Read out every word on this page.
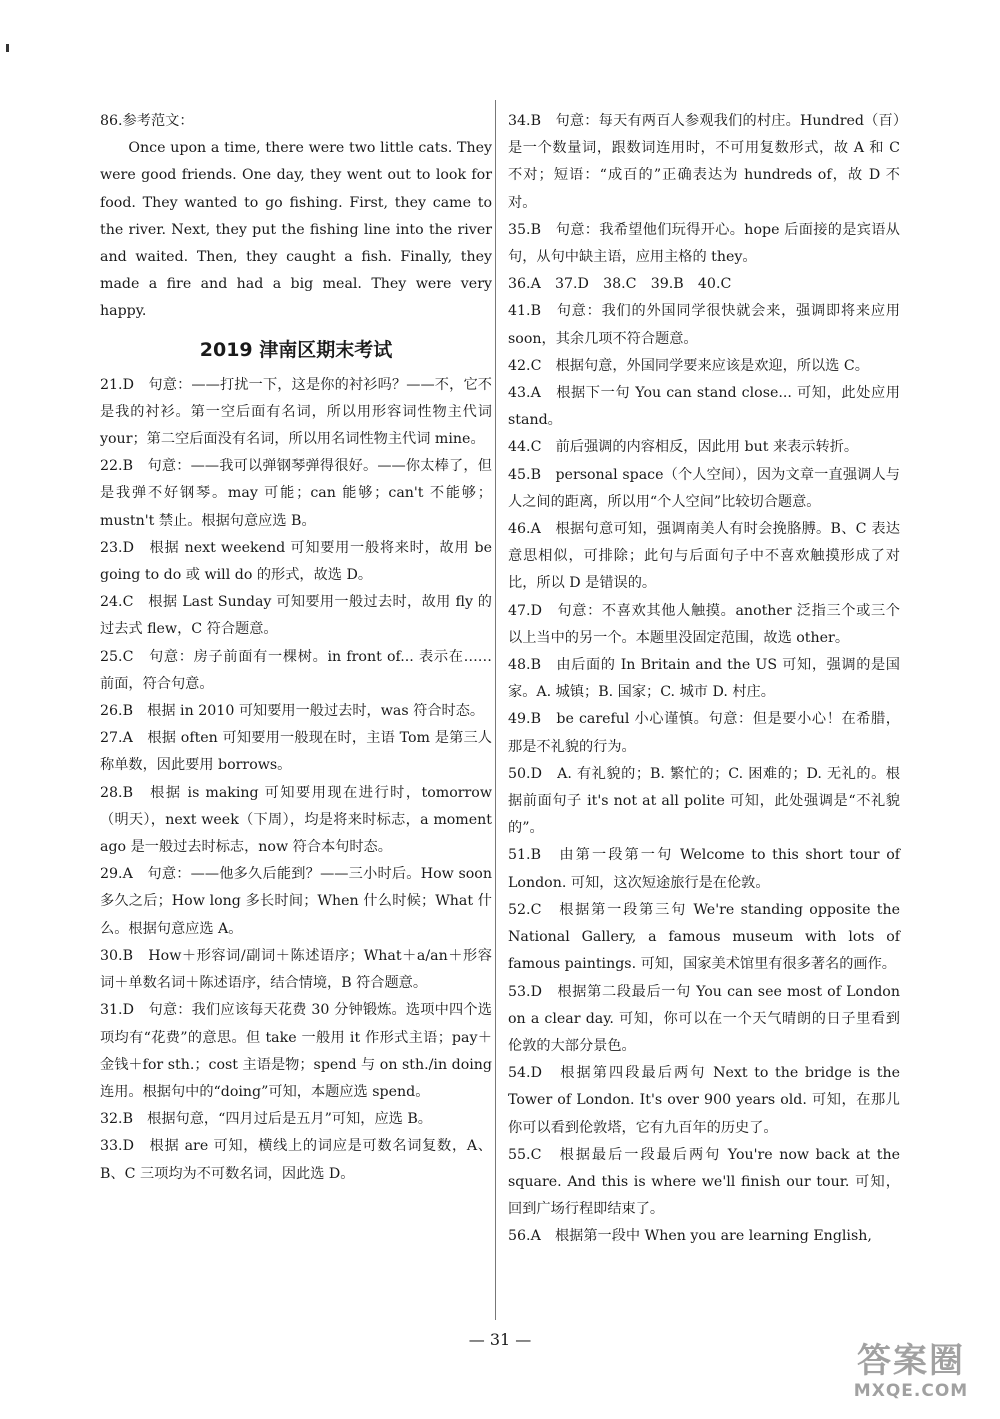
86.参考范文：

Once upon a time, there were two little cats. They were good friends. One day, they went out to look for food. They wanted to go fishing. First, they came to the river. Next, they put the fishing line into the river and waited. Then, they caught a fish. Finally, they made a fire and had a big meal. They were very happy.

2019 津南区期末考试
21.D　句意：——打扰一下，这是你的衬衫吗？——不，它不是我的衬衫。第一空后面有名词，所以用形容词性物主代词 your；第二空后面没有名词，所以用名词性物主代词 mine。
22.B　句意：——我可以弹钢琴弹得很好。——你太棒了，但是我弹不好钢琴。may 可能；can 能够；can't 不能够；mustn't 禁止。根据句意应选 B。
23.D　根据 next weekend 可知要用一般将来时，故用 be going to do 或 will do 的形式，故选 D。
24.C　根据 Last Sunday 可知要用一般过去时，故用 fly 的过去式 flew，C 符合题意。
25.C　句意：房子前面有一棵树。in front of... 表示在……前面，符合句意。
26.B　根据 in 2010 可知要用一般过去时，was 符合时态。
27.A　根据 often 可知要用一般现在时，主语 Tom 是第三人称单数，因此要用 borrows。
28.B　根据 is making 可知要用现在进行时，tomorrow（明天），next week（下周），均是将来时标志，a moment ago 是一般过去时标志，now 符合本句时态。
29.A　句意：——他多久后能到？——三小时后。How soon 多久之后；How long 多长时间；When 什么时候；What 什么。根据句意应选 A。
30.B　How＋形容词/副词＋陈述语序；What＋a/an＋形容词＋单数名词＋陈述语序，结合情境，B 符合题意。
31.D　句意：我们应该每天花费 30 分钟锻炼。选项中四个选项均有“花费”的意思。但 take 一般用 it 作形式主语；pay＋金钱＋for sth.；cost 主语是物；spend 与 on sth./in doing 连用。根据句中的“doing”可知，本题应选 spend。
32.B　根据句意，“四月过后是五月”可知，应选 B。
33.D　根据 are 可知，横线上的词应是可数名词复数，A、B、C 三项均为不可数名词，因此选 D。
34.B　句意：每天有两百人参观我们的村庄。Hundred（百）是一个数量词，跟数词连用时，不可用复数形式，故 A 和 C 不对；短语：“成百的”正确表达为 hundreds of，故 D 不对。
35.B　句意：我希望他们玩得开心。hope 后面接的是宾语从句，从句中缺主语，应用主格的 they。
36.A　37.D　38.C　39.B　40.C
41.B　句意：我们的外国同学很快就会来，强调即将来应用 soon，其余几项不符合题意。
42.C　根据句意，外国同学要来应该是欢迎，所以选 C。
43.A　根据下一句 You can stand close... 可知，此处应用 stand。
44.C　前后强调的内容相反，因此用 but 来表示转折。
45.B　personal space（个人空间），因为文章一直强调人与人之间的距离，所以用“个人空间”比较切合题意。
46.A　根据句意可知，强调南美人有时会挽胳膊。B、C 表达意思相似，可排除；此句与后面句子中不喜欢触摸形成了对比，所以 D 是错误的。
47.D　句意：不喜欢其他人触摸。another 泛指三个或三个以上当中的另一个。本题里没固定范围，故选 other。
48.B　由后面的 In Britain and the US 可知，强调的是国家。A. 城镇；B. 国家；C. 城市 D. 村庄。
49.B　be careful 小心谨慎。句意：但是要小心！在希腊，那是不礼貌的行为。
50.D　A. 有礼貌的；B. 繁忙的；C. 困难的；D. 无礼的。根据前面句子 it's not at all polite 可知，此处强调是“不礼貌的”。
51.B　由第一段第一句 Welcome to this short tour of London. 可知，这次短途旅行是在伦敦。
52.C　根据第一段第三句 We're standing opposite the National Gallery, a famous museum with lots of famous paintings. 可知，国家美术馆里有很多著名的画作。
53.D　根据第二段最后一句 You can see most of London on a clear day. 可知，你可以在一个天气晴朗的日子里看到伦敦的大部分景色。
54.D　根据第四段最后两句 Next to the bridge is the Tower of London. It's over 900 years old. 可知，在那儿你可以看到伦敦塔，它有九百年的历史了。
55.C　根据最后一段最后两句 You're now back at the square. And this is where we'll finish our tour. 可知，回到广场行程即结束了。
56.A　根据第一段中 When you are learning English,
— 31 —
答案圈
MXQE.COM
